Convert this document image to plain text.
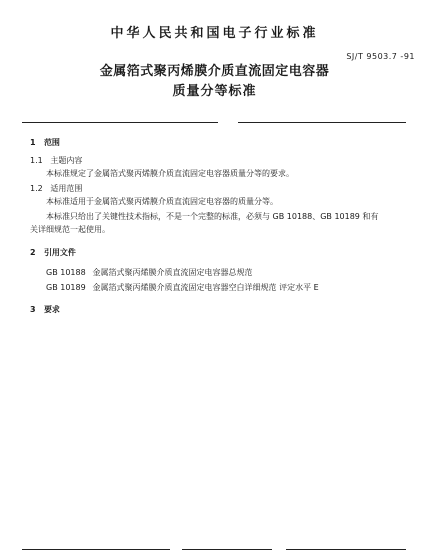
中华人民共和国电子行业标准
SJ/T 9503.7 -91
金属箔式聚丙烯膜介质直流固定电容器
质量分等标准
1 范围
1.1 主题内容
本标准规定了金属箔式聚丙烯膜介质直流固定电容器质量分等的要求。
1.2 适用范围
本标准适用于金属箔式聚丙烯膜介质直流固定电容器的质量分等。
本标准只给出了关键性技术指标，不是一个完整的标准，必须与 GB 10188、GB 10189 和有
关详细规范一起使用。
2 引用文件
GB 10188 金属箔式聚丙烯膜介质直流固定电容器总规范
GB 10189 金属箔式聚丙烯膜介质直流固定电容器空白详细规范 评定水平 E
3 要求
